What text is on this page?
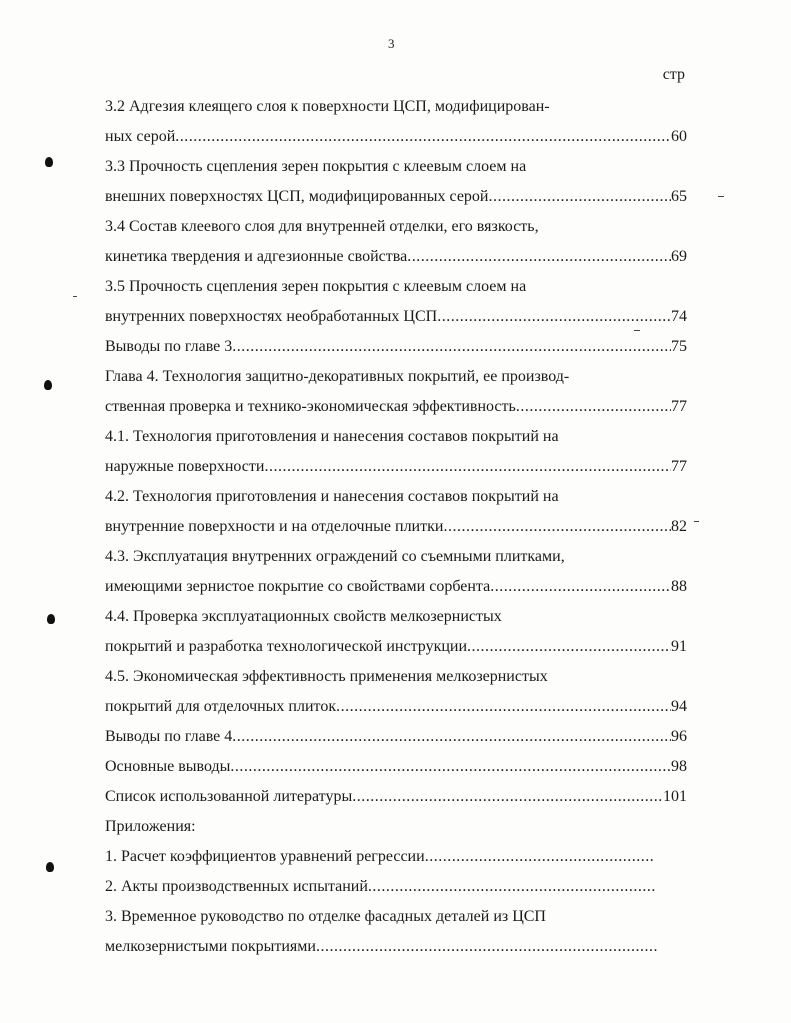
3
стр
3.2 Адгезия клеящего слоя к поверхности ЦСП, модифицирован-
ных серой .....	60
3.3 Прочность сцепления зерен покрытия с клеевым слоем на
внешних поверхностях ЦСП, модифицированных серой .....	65
3.4 Состав клеевого слоя для внутренней отделки, его вязкость,
кинетика твердения и адгезионные свойства .....	69
3.5 Прочность сцепления зерен покрытия с клеевым слоем на
внутренних поверхностях необработанных ЦСП .....	74
Выводы по главе 3 .....	75
Глава 4. Технология защитно-декоративных покрытий, ее производ-
ственная проверка и технико-экономическая эффективность .....	77
4.1. Технология приготовления и нанесения составов покрытий на
наружные поверхности .....	77
4.2. Технология приготовления и нанесения составов покрытий на
внутренние поверхности и на отделочные плитки .....	82
4.3. Эксплуатация внутренних ограждений со съемными плитками,
имеющими зернистое покрытие со свойствами сорбента .....	88
4.4. Проверка эксплуатационных свойств мелкозернистых
покрытий и разработка технологической инструкции .....	91
4.5. Экономическая эффективность применения мелкозернистых
покрытий для отделочных плиток .....	94
Выводы по главе 4 .....	96
Основные выводы .....	98
Список использованной литературы .....	101
Приложения:
1. Расчет коэффициентов уравнений регрессии
.....
2. Акты производственных испытаний
.....
3. Временное руководство по отделке фасадных деталей из ЦСП
мелкозернистыми покрытиями
.....
